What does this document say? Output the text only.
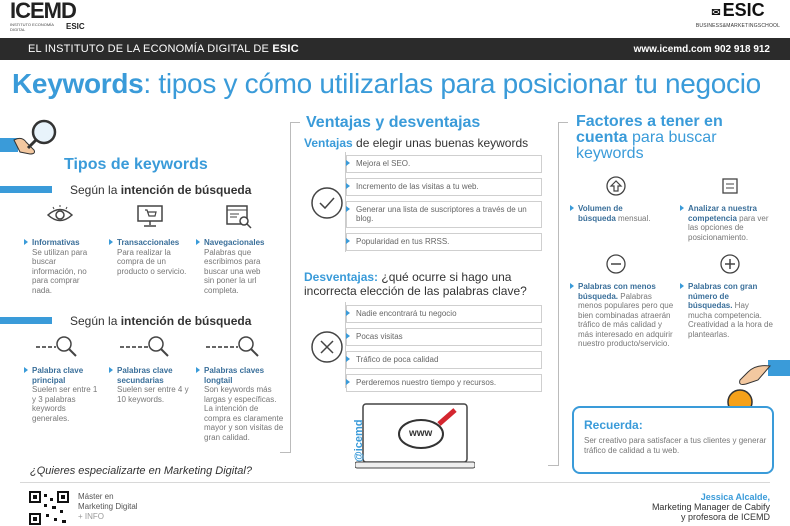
ICEMD
INSTITUTO ECONOMÍA DIGITAL	ESIC
✉ ESIC
BUSINESS&MARKETINGSCHOOL
EL INSTITUTO DE LA ECONOMÍA DIGITAL DE ESIC	www.icemd.com 902 918 912
Keywords: tipos y cómo utilizarlas para posicionar tu negocio
Tipos de keywords
Según la intención de búsqueda
Informativas
Se utilizan para buscar información, no para comprar nada.
Transaccionales
Para realizar la compra de un producto o servicio.
Navegacionales
Palabras que escribimos para buscar una web sin poner la url completa.
Según la intención de búsqueda
Palabra clave principal
Suelen ser entre 1 y 3 palabras keywords generales.
Palabras clave secundarias
Suelen ser entre 4 y 10 keywords.
Palabras claves longtail
Son keywords más largas y específicas. La intención de compra es claramente mayor y son visitas de gran calidad.
Ventajas y desventajas
Ventajas de elegir unas buenas keywords
Mejora el SEO.
Incremento de las visitas a tu web.
Generar una lista de suscriptores a través de un blog.
Popularidad en tus RRSS.
Desventajas: ¿qué ocurre si hago una incorrecta elección de las palabras clave?
Nadie encontrará tu negocio
Pocas visitas
Tráfico de poca calidad
Perderemos nuestro tiempo y recursos.
@icemd	www
Factores a tener en cuenta para buscar keywords
Volumen de búsqueda mensual.
Analizar a nuestra competencia para ver las opciones de posicionamiento.
Palabras con menos búsqueda. Palabras menos populares pero que bien combinadas atraerán tráfico de más calidad y más interesado en adquirir nuestro producto/servicio.
Palabras con gran número de búsquedas. Hay mucha competencia. Creatividad a la hora de plantearlas.
Recuerda:
Ser creativo para satisfacer a tus clientes y generar tráfico de calidad a tu web.
¿Quieres especializarte en Marketing Digital?
Máster en
Marketing Digital
+ INFO
Jessica Alcalde,
Marketing Manager de Cabify
y profesora de ICEMD
